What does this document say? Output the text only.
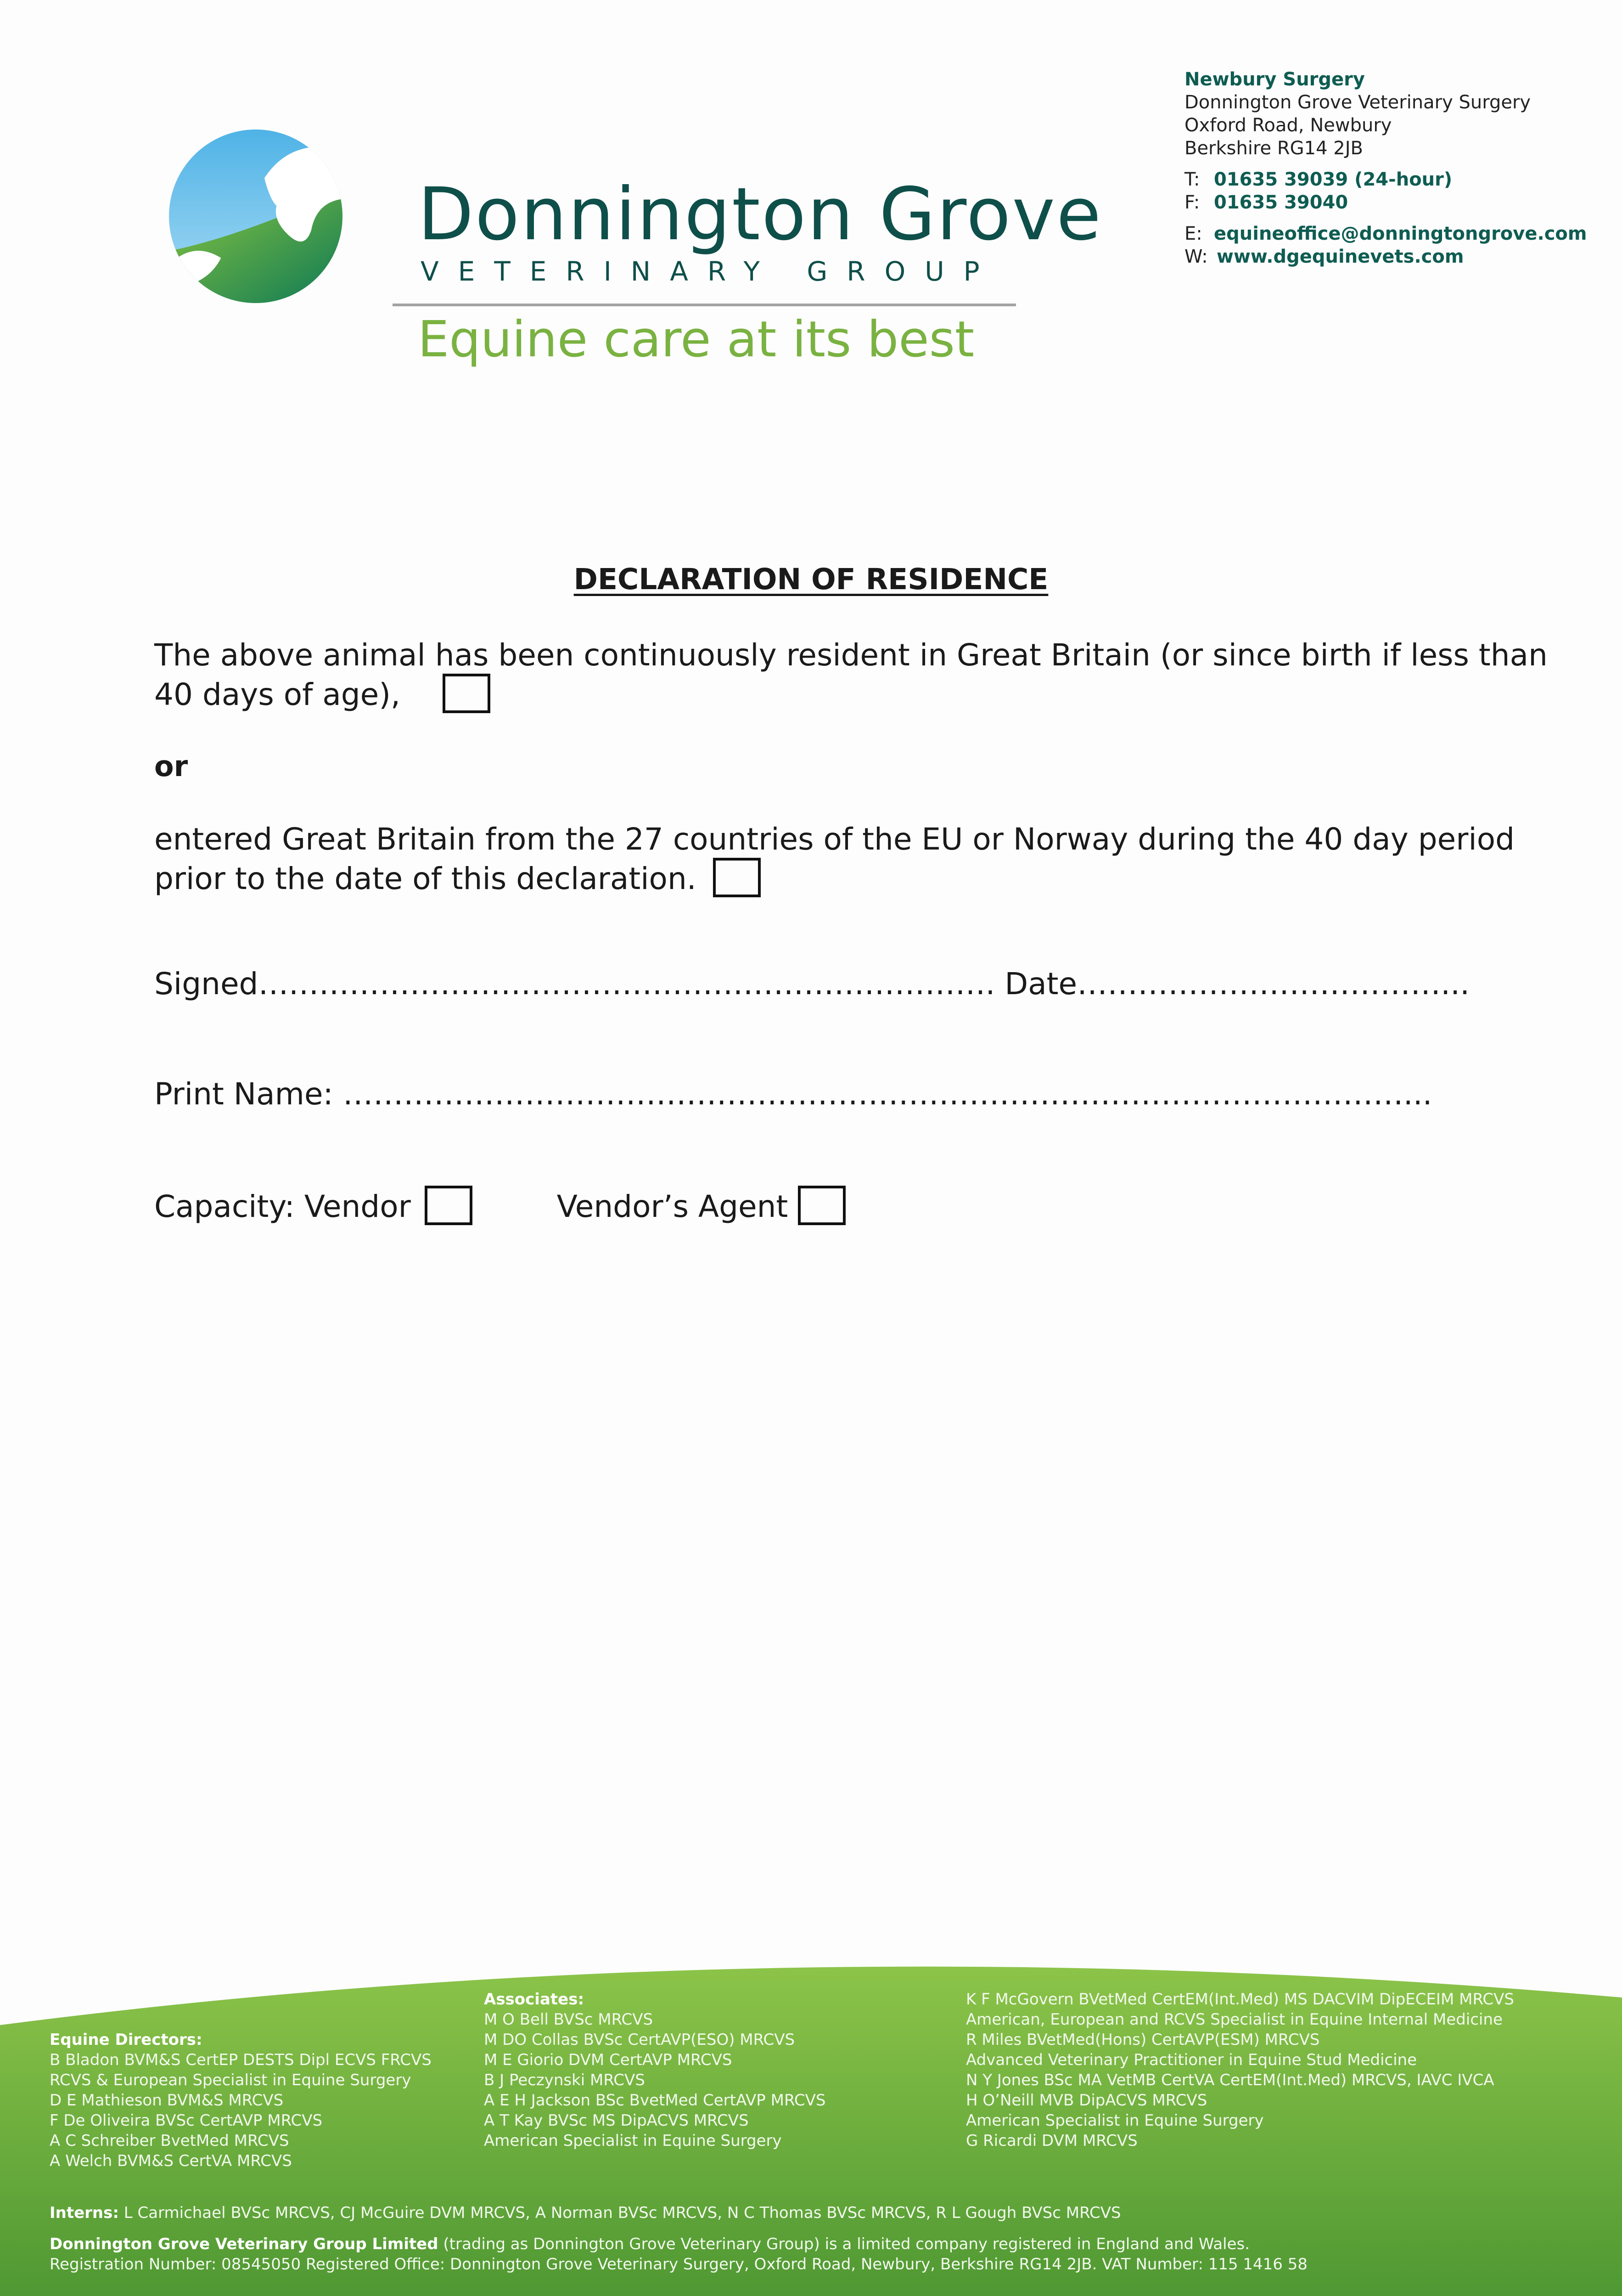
Donnington Grove
VETERINARY GROUP
Equine care at its best
Newbury Surgery
Donnington Grove Veterinary Surgery
Oxford Road, Newbury
Berkshire RG14 2JB
T: 01635 39039 (24-hour)
F: 01635 39040
E: equineoffice@donningtongrove.com
W: www.dgequinevets.com
DECLARATION OF RESIDENCE
The above animal has been continuously resident in Great Britain (or since birth if less than
40 days of age),
or
entered Great Britain from the 27 countries of the EU or Norway during the 40 day period
prior to the date of this declaration.
Signed………………………………………………………………. Date………………………………...
Print Name: ……………………………………………………………………………………………...
Capacity: Vendor	Vendor’s Agent
Equine Directors:
B Bladon BVM&S CertEP DESTS Dipl ECVS FRCVS
RCVS & European Specialist in Equine Surgery
D E Mathieson BVM&S MRCVS
F De Oliveira BVSc CertAVP MRCVS
A C Schreiber BvetMed MRCVS
A Welch BVM&S CertVA MRCVS
Associates:
M O Bell BVSc MRCVS
M DO Collas BVSc CertAVP(ESO) MRCVS
M E Giorio DVM CertAVP MRCVS
B J Peczynski MRCVS
A E H Jackson BSc BvetMed CertAVP MRCVS
A T Kay BVSc MS DipACVS MRCVS
American Specialist in Equine Surgery
K F McGovern BVetMed CertEM(Int.Med) MS DACVIM DipECEIM MRCVS
American, European and RCVS Specialist in Equine Internal Medicine
R Miles BVetMed(Hons) CertAVP(ESM) MRCVS
Advanced Veterinary Practitioner in Equine Stud Medicine
N Y Jones BSc MA VetMB CertVA CertEM(Int.Med) MRCVS, IAVC IVCA
H O’Neill MVB DipACVS MRCVS
American Specialist in Equine Surgery
G Ricardi DVM MRCVS
Interns: L Carmichael BVSc MRCVS, CJ McGuire DVM MRCVS, A Norman BVSc MRCVS, N C Thomas BVSc MRCVS, R L Gough BVSc MRCVS
Donnington Grove Veterinary Group Limited (trading as Donnington Grove Veterinary Group) is a limited company registered in England and Wales.
Registration Number: 08545050 Registered Office: Donnington Grove Veterinary Surgery, Oxford Road, Newbury, Berkshire RG14 2JB. VAT Number: 115 1416 58
